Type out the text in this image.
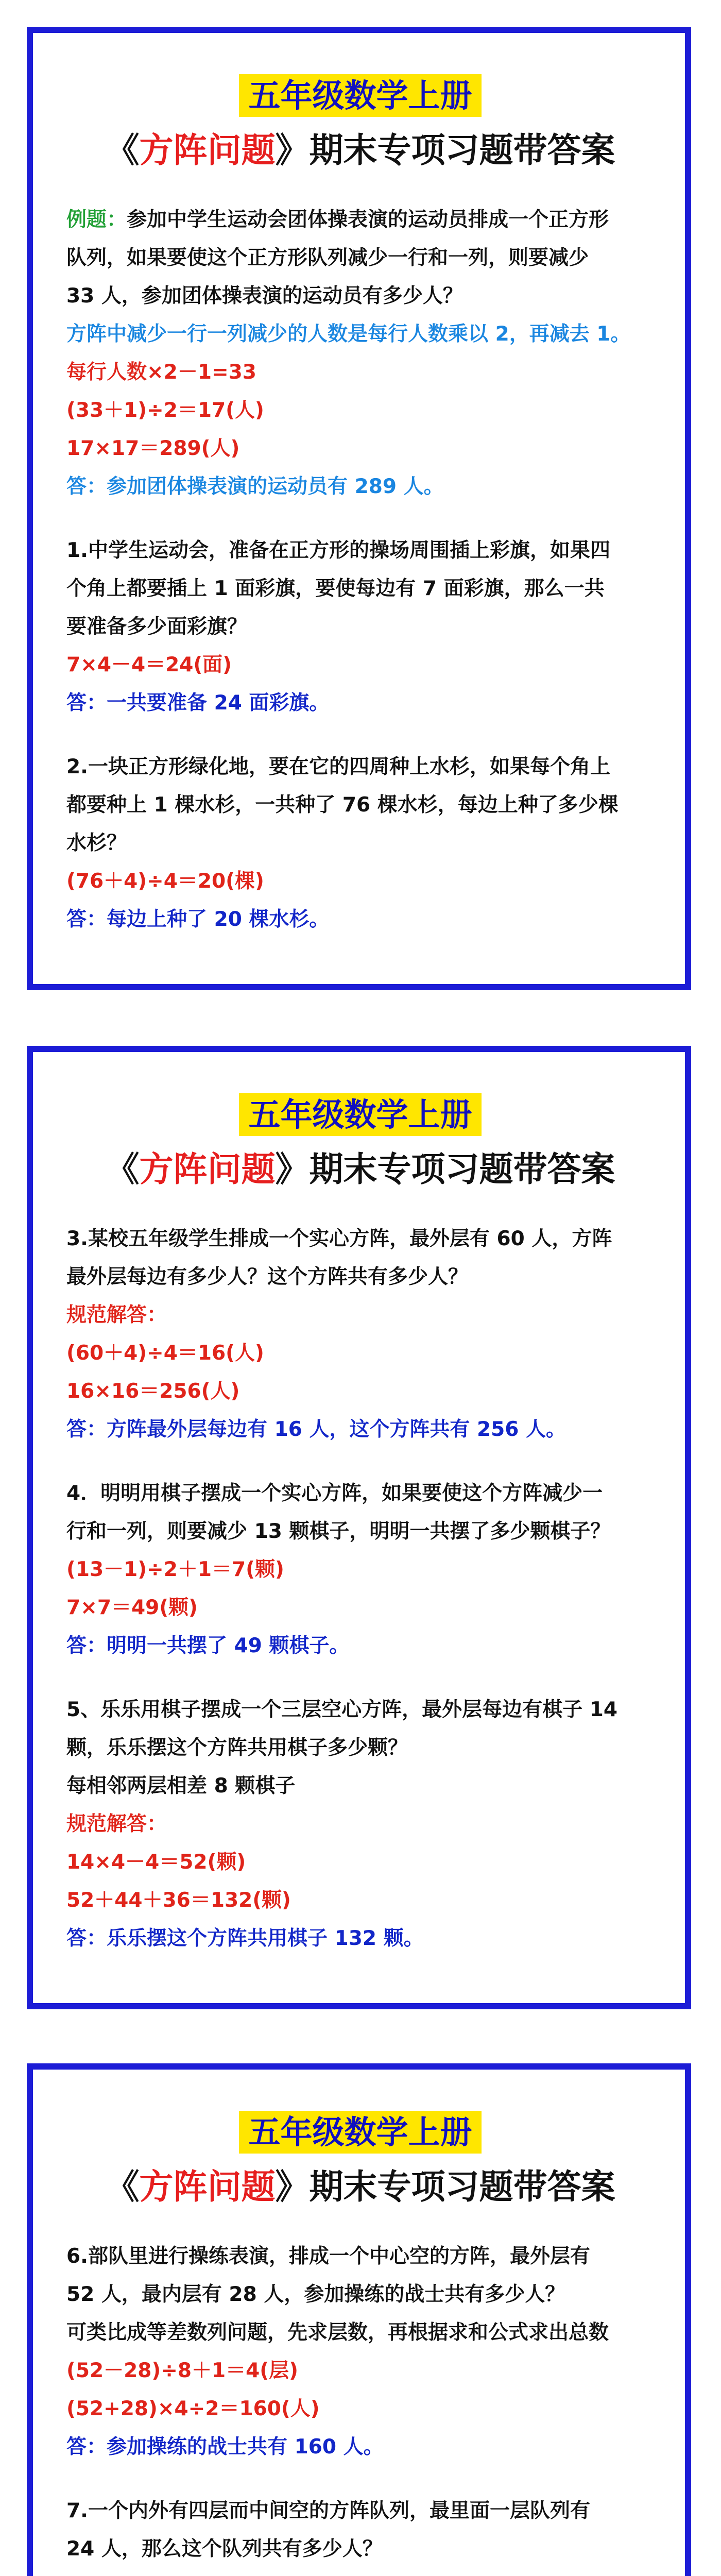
五年级数学上册
《方阵问题》期末专项习题带答案

例题：参加中学生运动会团体操表演的运动员排成一个正方形

队列，如果要使这个正方形队列减少一行和一列，则要减少

33 人，参加团体操表演的运动员有多少人？

方阵中减少一行一列减少的人数是每行人数乘以 2，再减去 1。

每行人数×2－1=33

(33＋1)÷2＝17(人)

17×17＝289(人)

答：参加团体操表演的运动员有 289 人。

1.中学生运动会，准备在正方形的操场周围插上彩旗，如果四

个角上都要插上 1 面彩旗，要使每边有 7 面彩旗，那么一共

要准备多少面彩旗？

7×4－4＝24(面)

答：一共要准备 24 面彩旗。

2.一块正方形绿化地，要在它的四周种上水杉，如果每个角上

都要种上 1 棵水杉，一共种了 76 棵水杉，每边上种了多少棵

水杉？

(76＋4)÷4＝20(棵)

答：每边上种了 20 棵水杉。

五年级数学上册
《方阵问题》期末专项习题带答案

3.某校五年级学生排成一个实心方阵，最外层有 60 人，方阵

最外层每边有多少人？这个方阵共有多少人？

规范解答：

(60＋4)÷4＝16(人)

16×16＝256(人)

答：方阵最外层每边有 16 人，这个方阵共有 256 人。

4．明明用棋子摆成一个实心方阵，如果要使这个方阵减少一

行和一列，则要减少 13 颗棋子，明明一共摆了多少颗棋子？

(13－1)÷2＋1＝7(颗)

7×7＝49(颗)

答：明明一共摆了 49 颗棋子。

5、乐乐用棋子摆成一个三层空心方阵，最外层每边有棋子 14

颗，乐乐摆这个方阵共用棋子多少颗？

每相邻两层相差 8 颗棋子

规范解答：

14×4－4＝52(颗)

52＋44＋36＝132(颗)

答：乐乐摆这个方阵共用棋子 132 颗。

五年级数学上册
《方阵问题》期末专项习题带答案

6.部队里进行操练表演，排成一个中心空的方阵，最外层有

52 人，最内层有 28 人，参加操练的战士共有多少人？

可类比成等差数列问题，先求层数，再根据求和公式求出总数

(52－28)÷8＋1＝4(层)

(52+28)×4÷2＝160(人)

答：参加操练的战士共有 160 人。

7.一个内外有四层而中间空的方阵队列，最里面一层队列有

24 人，那么这个队列共有多少人？
